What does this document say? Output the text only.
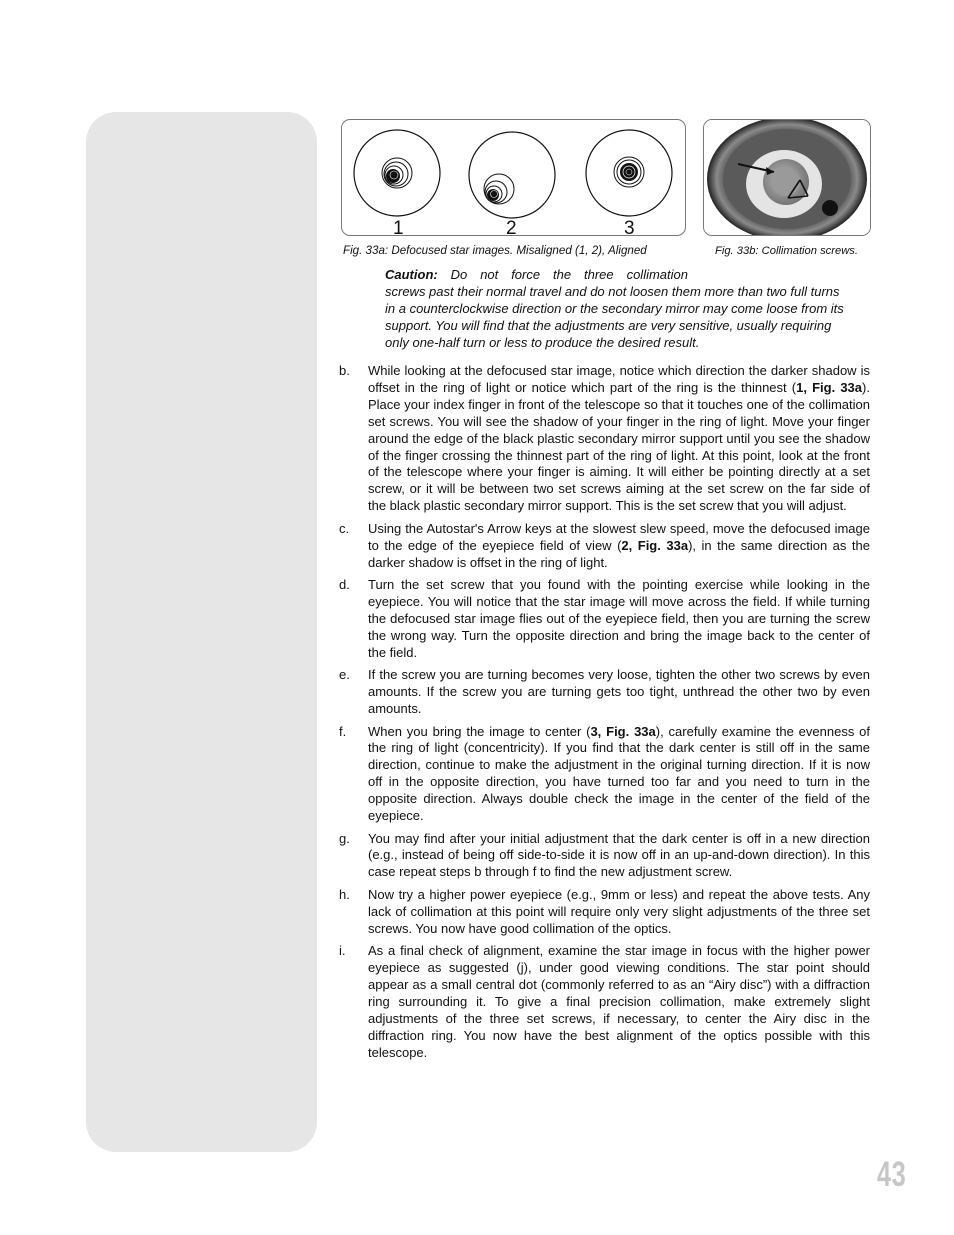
1	2	3
Fig. 33a: Defocused star images. Misaligned (1, 2), Aligned	Fig. 33b: Collimation screws.
Caution: Do not force the three collimation
screws past their normal travel and do not loosen them more than two full turns in a counterclockwise direction or the secondary mirror may come loose from its support. You will find that the adjustments are very sensitive, usually requiring only one-half turn or less to produce the desired result.
b.	While looking at the defocused star image, notice which direction the darker shadow is offset in the ring of light or notice which part of the ring is the thinnest (1, Fig. 33a). Place your index finger in front of the telescope so that it touches one of the collimation set screws. You will see the shadow of your finger in the ring of light. Move your finger around the edge of the black plastic secondary mirror support until you see the shadow of the finger crossing the thinnest part of the ring of light. At this point, look at the front of the telescope where your finger is aiming. It will either be pointing directly at a set screw, or it will be between two set screws aiming at the set screw on the far side of the black plastic secondary mirror support. This is the set screw that you will adjust.
c.	Using the Autostar's Arrow keys at the slowest slew speed, move the defocused image to the edge of the eyepiece field of view (2, Fig. 33a), in the same direction as the darker shadow is offset in the ring of light.
d.	Turn the set screw that you found with the pointing exercise while looking in the eyepiece. You will notice that the star image will move across the field. If while turning the defocused star image flies out of the eyepiece field, then you are turning the screw the wrong way. Turn the opposite direction and bring the image back to the center of the field.
e.	If the screw you are turning becomes very loose, tighten the other two screws by even amounts. If the screw you are turning gets too tight, unthread the other two by even amounts.
f.	When you bring the image to center (3, Fig. 33a), carefully examine the evenness of the ring of light (concentricity). If you find that the dark center is still off in the same direction, continue to make the adjustment in the original turning direction. If it is now off in the opposite direction, you have turned too far and you need to turn in the opposite direction. Always double check the image in the center of the field of the eyepiece.
g.	You may find after your initial adjustment that the dark center is off in a new direction (e.g., instead of being off side-to-side it is now off in an up-and-down direction). In this case repeat steps b through f to find the new adjustment screw.
h.	Now try a higher power eyepiece (e.g., 9mm or less) and repeat the above tests. Any lack of collimation at this point will require only very slight adjustments of the three set screws. You now have good collimation of the optics.
i.	As a final check of alignment, examine the star image in focus with the higher power eyepiece as suggested (j), under good viewing conditions. The star point should appear as a small central dot (commonly referred to as an “Airy disc”) with a diffraction ring surrounding it. To give a final precision collimation, make extremely slight adjustments of the three set screws, if necessary, to center the Airy disc in the diffraction ring. You now have the best alignment of the optics possible with this telescope.
43
